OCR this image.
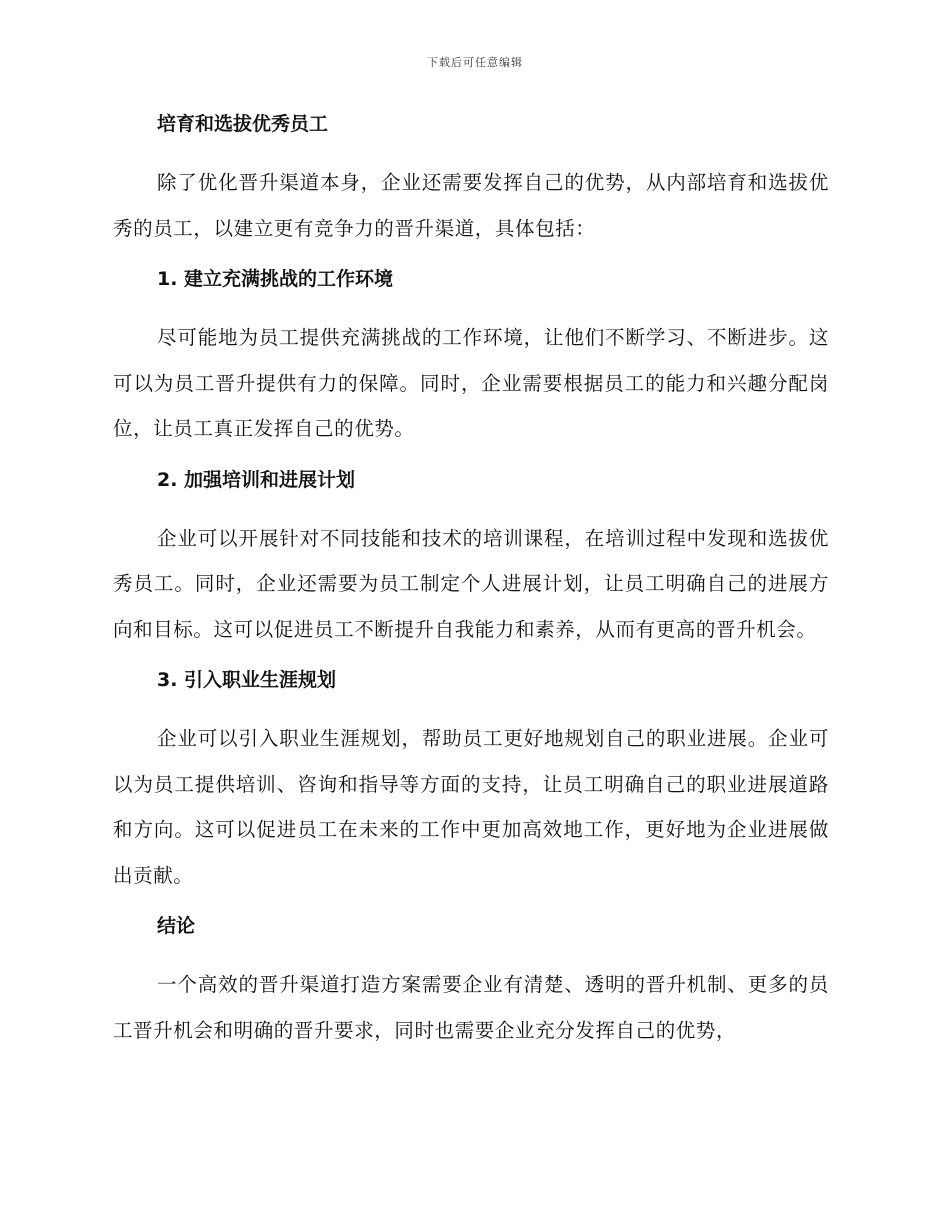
下载后可任意编辑

培育和选拔优秀员工

除了优化晋升渠道本身，企业还需要发挥自己的优势，从内部培育和选拔优秀的员工，以建立更有竞争力的晋升渠道，具体包括：

1. 建立充满挑战的工作环境

尽可能地为员工提供充满挑战的工作环境，让他们不断学习、不断进步。这可以为员工晋升提供有力的保障。同时，企业需要根据员工的能力和兴趣分配岗位，让员工真正发挥自己的优势。

2. 加强培训和进展计划

企业可以开展针对不同技能和技术的培训课程，在培训过程中发现和选拔优秀员工。同时，企业还需要为员工制定个人进展计划，让员工明确自己的进展方向和目标。这可以促进员工不断提升自我能力和素养，从而有更高的晋升机会。

3. 引入职业生涯规划

企业可以引入职业生涯规划，帮助员工更好地规划自己的职业进展。企业可以为员工提供培训、咨询和指导等方面的支持，让员工明确自己的职业进展道路和方向。这可以促进员工在未来的工作中更加高效地工作，更好地为企业进展做出贡献。

结论

一个高效的晋升渠道打造方案需要企业有清楚、透明的晋升机制、更多的员工晋升机会和明确的晋升要求，同时也需要企业充分发挥自己的优势，
